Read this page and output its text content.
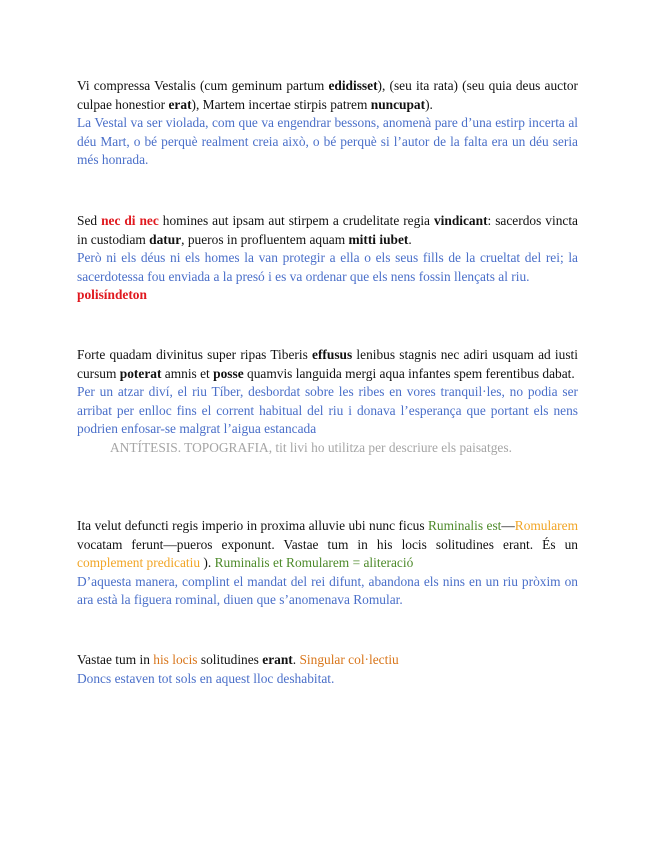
Vi compressa Vestalis (cum geminum partum edidisset), (seu ita rata) (seu quia deus auctor culpae honestior erat), Martem incertae stirpis patrem nuncupat).

La Vestal va ser violada, com que va engendrar bessons, anomenà pare d’una estirp incerta al déu Mart, o bé perquè realment creia això, o bé perquè si l’autor de la falta era un déu seria més honrada.

Sed nec di nec homines aut ipsam aut stirpem a crudelitate regia vindicant: sacerdos vincta in custodiam datur, pueros in profluentem aquam mitti iubet.

Però ni els déus ni els homes la van protegir a ella o els seus fills de la crueltat del rei; la sacerdotessa fou enviada a la presó i es va ordenar que els nens fossin llençats al riu.

polisíndeton

Forte quadam divinitus super ripas Tiberis effusus lenibus stagnis nec adiri usquam ad iusti cursum poterat amnis et posse quamvis languida mergi aqua infantes spem ferentibus dabat.

Per un atzar diví, el riu Tíber, desbordat sobre les ribes en vores tranquil·les, no podia ser arribat per enlloc fins el corrent habitual del riu i donava l’esperança que portant els nens podrien enfosar-se malgrat l’aigua estancada

ANTÍTESIS. TOPOGRAFIA, tit livi ho utilitza per descriure els paisatges.

Ita velut defuncti regis imperio in proxima alluvie ubi nunc ficus Ruminalis est—Romularem vocatam ferunt—pueros exponunt. Vastae tum in his locis solitudines erant. És un complement predicatiu ). Ruminalis et Romularem = aliteració

D’aquesta manera, complint el mandat del rei difunt, abandona els nins en un riu pròxim on ara està la figuera rominal, diuen que s’anomenava Romular.

Vastae tum in his locis solitudines erant. Singular col·lectiu

Doncs estaven tot sols en aquest lloc deshabitat.
